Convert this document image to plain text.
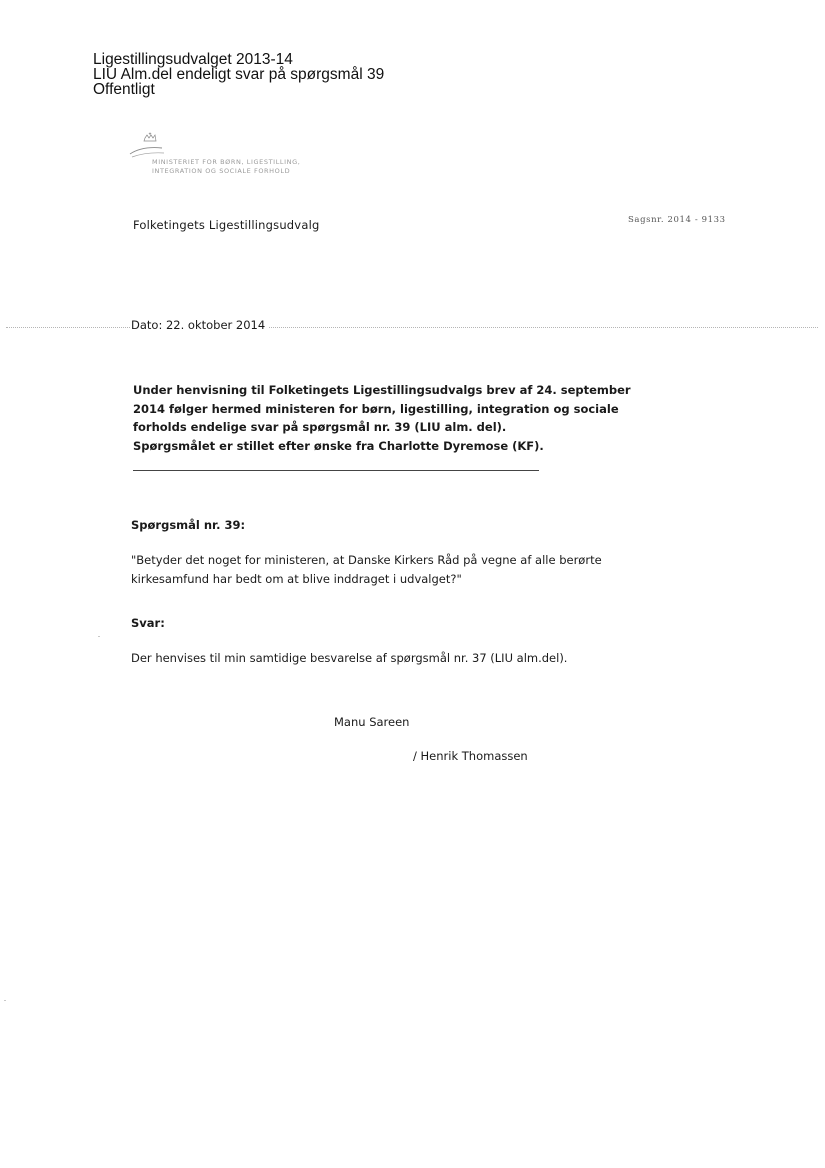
Ligestillingsudvalget 2013-14
LIU Alm.del endeligt svar på spørgsmål 39
Offentligt
MINISTERIET FOR BØRN, LIGESTILLING,
INTEGRATION OG SOCIALE FORHOLD
Folketingets Ligestillingsudvalg	Sagsnr. 2014 - 9133
Dato: 22. oktober 2014
Under henvisning til Folketingets Ligestillingsudvalgs brev af 24. september
2014 følger hermed ministeren for børn, ligestilling, integration og sociale
forholds endelige svar på spørgsmål nr. 39 (LIU alm. del).
Spørgsmålet er stillet efter ønske fra Charlotte Dyremose (KF).
Spørgsmål nr. 39:
"Betyder det noget for ministeren, at Danske Kirkers Råd på vegne af alle berørte
kirkesamfund har bedt om at blive inddraget i udvalget?"
Svar:
Der henvises til min samtidige besvarelse af spørgsmål nr. 37 (LIU alm.del).
Manu Sareen
/ Henrik Thomassen
